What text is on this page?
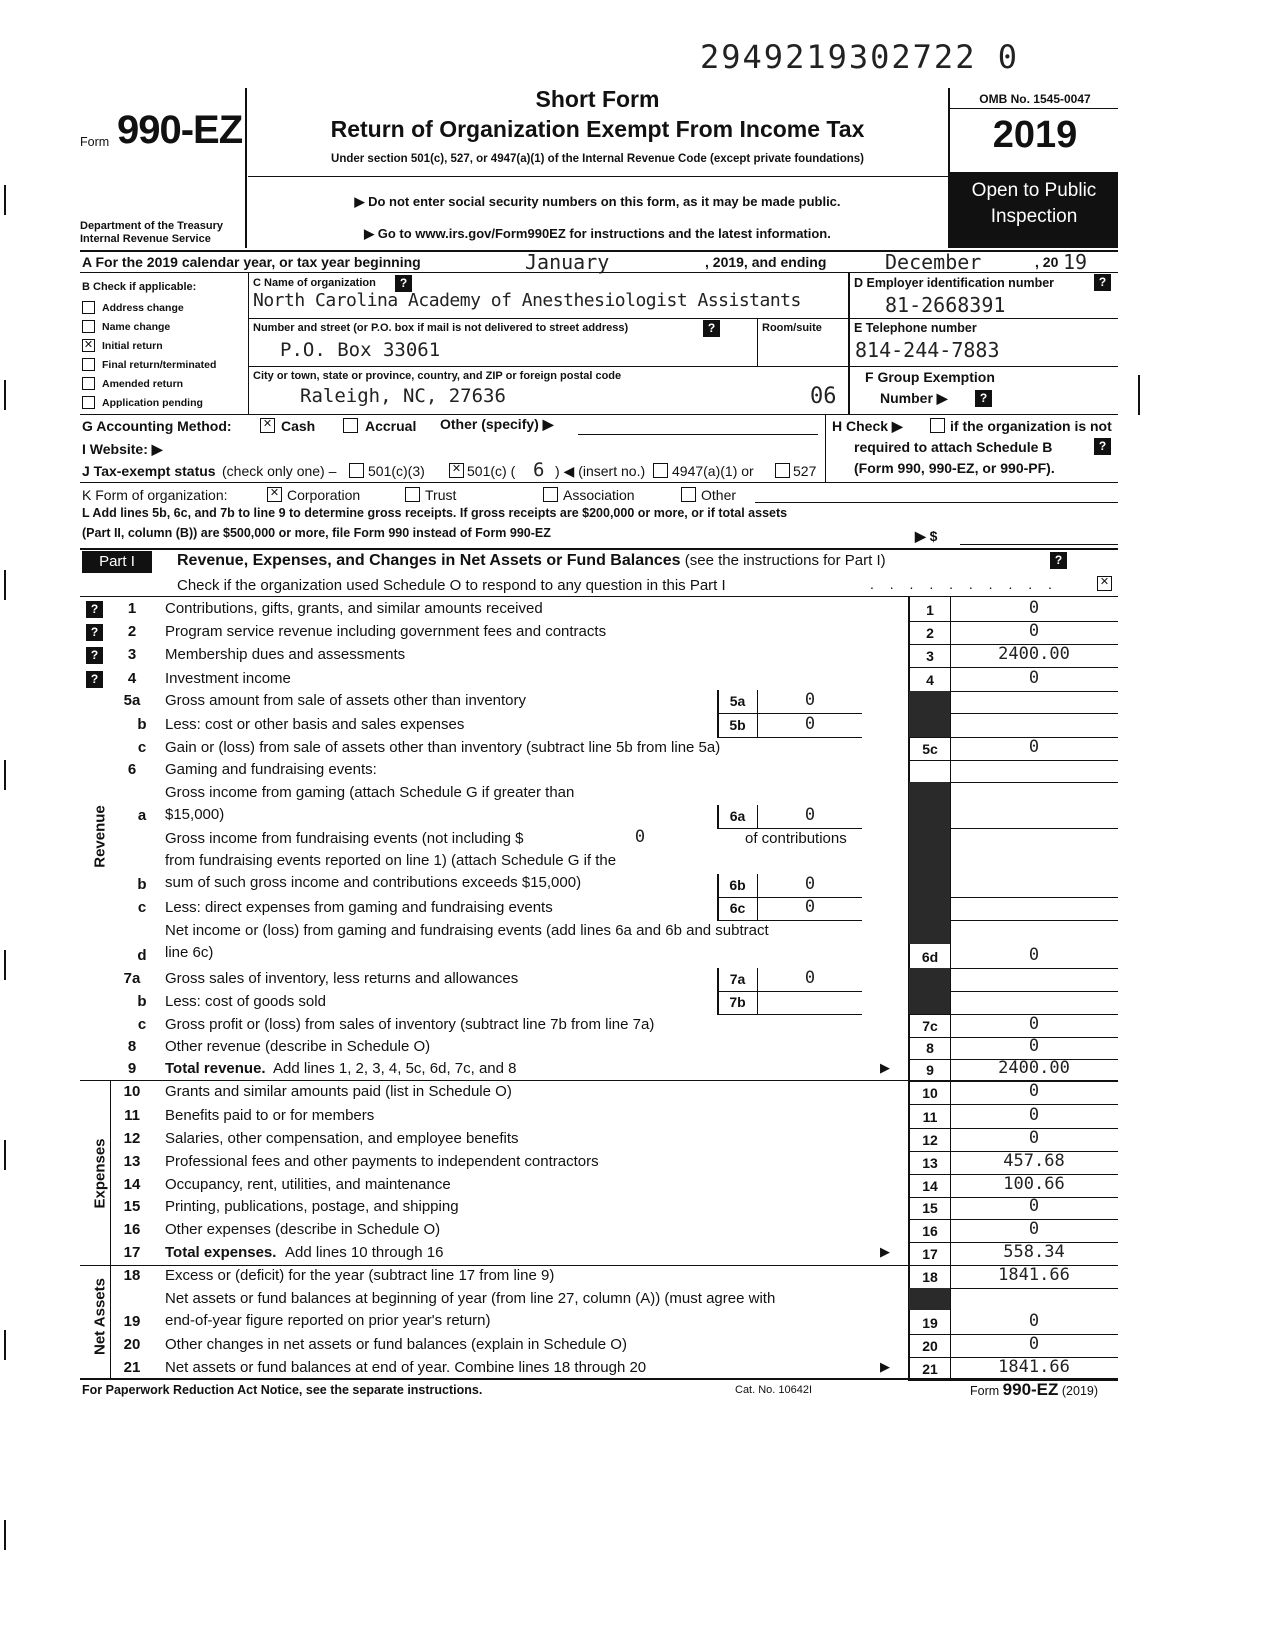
2949219302722 0
Form 990-EZ
Department of the Treasury
Internal Revenue Service
Short Form
Return of Organization Exempt From Income Tax
Under section 501(c), 527, or 4947(a)(1) of the Internal Revenue Code (except private foundations)
▶ Do not enter social security numbers on this form, as it may be made public.
▶ Go to www.irs.gov/Form990EZ for instructions and the latest information.
OMB No. 1545-0047
2019
Open to Public
Inspection
A For the 2019 calendar year, or tax year beginning	January	, 2019, and ending	December	, 20 19
B Check if applicable:
Address change
Name change
✕ Initial return
Final return/terminated
Amended return
Application pending
C Name of organization	?
North Carolina Academy of Anesthesiologist Assistants
Number and street (or P.O. box if mail is not delivered to street address)	?	Room/suite
P.O. Box 33061
City or town, state or province, country, and ZIP or foreign postal code
Raleigh, NC, 27636	06
D Employer identification number	?
81-2668391
E Telephone number
814-244-7883
F Group Exemption
Number ▶	?
G Accounting Method:	✕ Cash	Accrual Other (specify) ▶	H Check ▶	if the organization is not
required to attach Schedule B	?
(Form 990, 990-EZ, or 990-PF).
I Website: ▶
J Tax-exempt status (check only one) – 501(c)(3) ✕ 501(c) ( 6 ) ◀ (insert no.) 4947(a)(1) or	527
K Form of organization:	✕ Corporation	Trust	Association	Other
L Add lines 5b, 6c, and 7b to line 9 to determine gross receipts. If gross receipts are $200,000 or more, or if total assets
(Part II, column (B)) are $500,000 or more, file Form 990 instead of Form 990-EZ	▶ $
Part I	Revenue, Expenses, and Changes in Net Assets or Fund Balances (see the instructions for Part I)	?
Check if the organization used Schedule O to respond to any question in this Part I	. . . . . . . . . .	✕
1
?	Contributions, gifts, grants, and similar amounts received	1	0
2
?	Program service revenue including government fees and contracts	2	0
3
?	Membership dues and assessments	3	2400.00
4
?	Investment income	4	0
5a	Gross amount from sale of assets other than inventory	5a	0
b	Less: cost or other basis and sales expenses	5b	0
c	Gain or (loss) from sale of assets other than inventory (subtract line 5b from line 5a)	5c	0
6	Gaming and fundraising events:
a
Gross income from gaming (attach Schedule G if greater than
$15,000)	6a	0
b
Gross income from fundraising events (not including $	0	of contributions
from fundraising events reported on line 1) (attach Schedule G if the
sum of such gross income and contributions exceeds $15,000)	6b	0
c	Less: direct expenses from gaming and fundraising events	6c	0
d
Net income or (loss) from gaming and fundraising events (add lines 6a and 6b and subtract
line 6c)	6d	0
7a	Gross sales of inventory, less returns and allowances	7a	0
b	Less: cost of goods sold	7b
c	Gross profit or (loss) from sales of inventory (subtract line 7b from line 7a)	7c	0
8	Other revenue (describe in Schedule O)	8	0
9	Total revenue. Add lines 1, 2, 3, 4, 5c, 6d, 7c, and 8	9	2400.00
▶
10	Grants and similar amounts paid (list in Schedule O)	10	0
11	Benefits paid to or for members	11	0
12	Salaries, other compensation, and employee benefits	12	0
13	Professional fees and other payments to independent contractors	13	457.68
14	Occupancy, rent, utilities, and maintenance	14	100.66
15	Printing, publications, postage, and shipping	15	0
16	Other expenses (describe in Schedule O)	16	0
17	Total expenses. Add lines 10 through 16	17	558.34
▶
18	Excess or (deficit) for the year (subtract line 17 from line 9)	18	1841.66
19
Net assets or fund balances at beginning of year (from line 27, column (A)) (must agree with
end-of-year figure reported on prior year's return)	19	0
20	Other changes in net assets or fund balances (explain in Schedule O)	20	0
21	Net assets or fund balances at end of year. Combine lines 18 through 20	21	1841.66
▶
Revenue
Expenses
Net Assets
For Paperwork Reduction Act Notice, see the separate instructions.	Cat. No. 10642I	Form 990-EZ (2019)
